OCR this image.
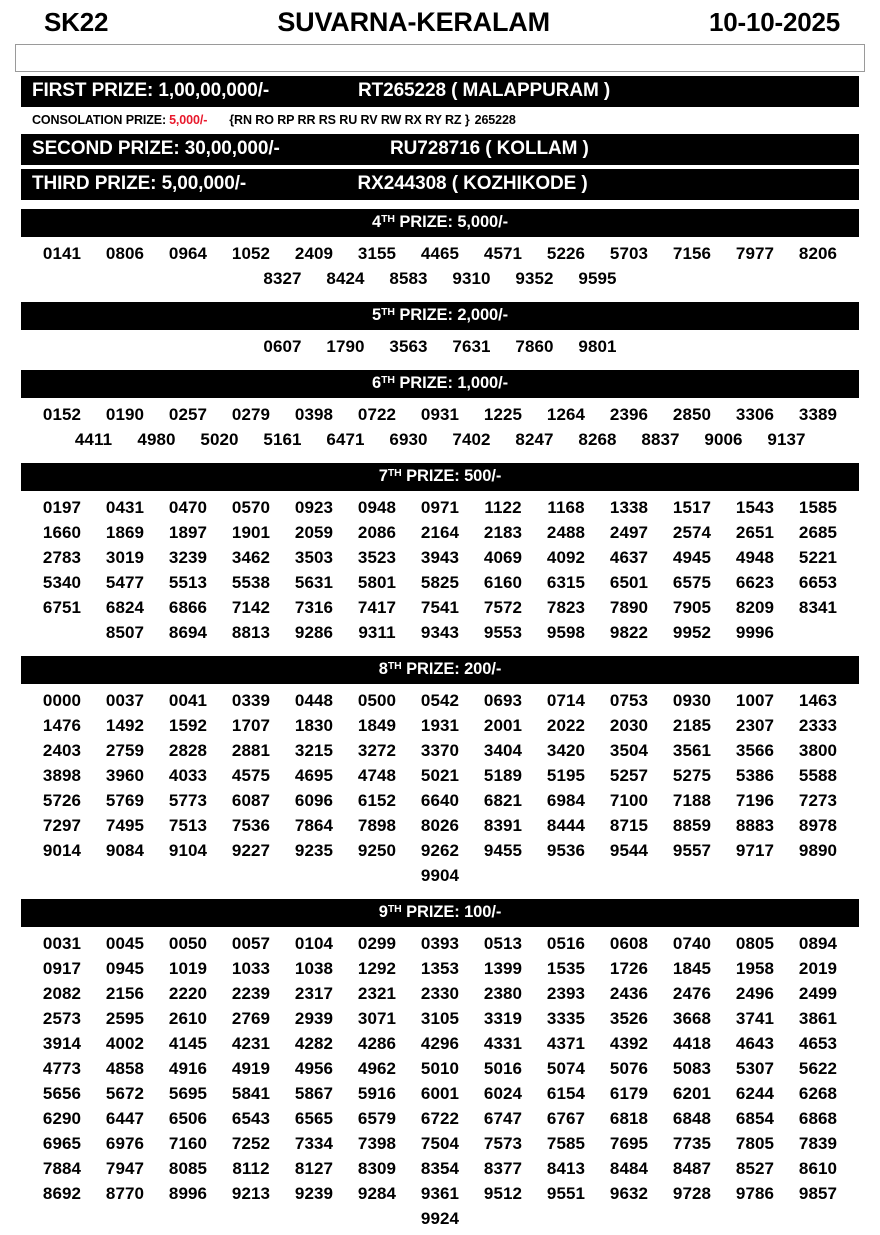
SK22	SUVARNA-KERALAM	10-10-2025
FIRST PRIZE: 1,00,00,000/-	RT265228 ( MALAPPURAM )
CONSOLATION PRIZE: 5,000/- {RN RO RP RR RS RU RV RW RX RY RZ } 265228
SECOND PRIZE: 30,00,000/-	RU728716 ( KOLLAM )
THIRD PRIZE: 5,00,000/-	RX244308 ( KOZHIKODE )
4TH PRIZE: 5,000/-
0141	0806	0964	1052	2409	3155	4465	4571	5226	5703	7156	7977	8206
8327	8424	8583	9310	9352	9595
5TH PRIZE: 2,000/-
0607	1790	3563	7631	7860	9801
6TH PRIZE: 1,000/-
0152	0190	0257	0279	0398	0722	0931	1225	1264	2396	2850	3306	3389
4411	4980	5020	5161	6471	6930	7402	8247	8268	8837	9006	9137
7TH PRIZE: 500/-
0197	0431	0470	0570	0923	0948	0971	1122	1168	1338	1517	1543	1585
1660	1869	1897	1901	2059	2086	2164	2183	2488	2497	2574	2651	2685
2783	3019	3239	3462	3503	3523	3943	4069	4092	4637	4945	4948	5221
5340	5477	5513	5538	5631	5801	5825	6160	6315	6501	6575	6623	6653
6751	6824	6866	7142	7316	7417	7541	7572	7823	7890	7905	8209	8341
8507	8694	8813	9286	9311	9343	9553	9598	9822	9952	9996
8TH PRIZE: 200/-
0000	0037	0041	0339	0448	0500	0542	0693	0714	0753	0930	1007	1463
1476	1492	1592	1707	1830	1849	1931	2001	2022	2030	2185	2307	2333
2403	2759	2828	2881	3215	3272	3370	3404	3420	3504	3561	3566	3800
3898	3960	4033	4575	4695	4748	5021	5189	5195	5257	5275	5386	5588
5726	5769	5773	6087	6096	6152	6640	6821	6984	7100	7188	7196	7273
7297	7495	7513	7536	7864	7898	8026	8391	8444	8715	8859	8883	8978
9014	9084	9104	9227	9235	9250	9262	9455	9536	9544	9557	9717	9890
9904
9TH PRIZE: 100/-
0031	0045	0050	0057	0104	0299	0393	0513	0516	0608	0740	0805	0894
0917	0945	1019	1033	1038	1292	1353	1399	1535	1726	1845	1958	2019
2082	2156	2220	2239	2317	2321	2330	2380	2393	2436	2476	2496	2499
2573	2595	2610	2769	2939	3071	3105	3319	3335	3526	3668	3741	3861
3914	4002	4145	4231	4282	4286	4296	4331	4371	4392	4418	4643	4653
4773	4858	4916	4919	4956	4962	5010	5016	5074	5076	5083	5307	5622
5656	5672	5695	5841	5867	5916	6001	6024	6154	6179	6201	6244	6268
6290	6447	6506	6543	6565	6579	6722	6747	6767	6818	6848	6854	6868
6965	6976	7160	7252	7334	7398	7504	7573	7585	7695	7735	7805	7839
7884	7947	8085	8112	8127	8309	8354	8377	8413	8484	8487	8527	8610
8692	8770	8996	9213	9239	9284	9361	9512	9551	9632	9728	9786	9857
9924
